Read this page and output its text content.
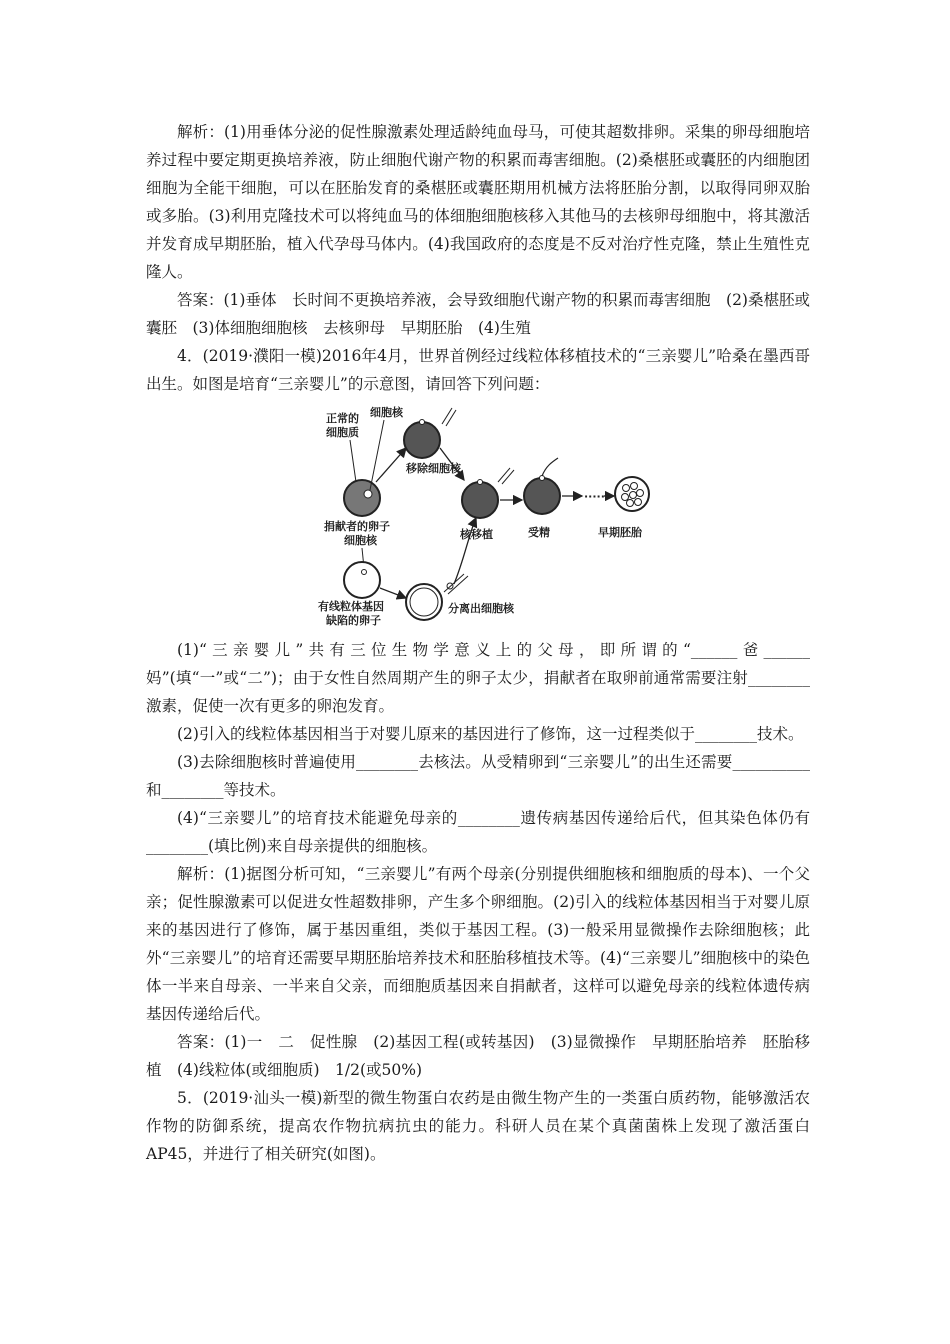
解析：(1)用垂体分泌的促性腺激素处理适龄纯血母马，可使其超数排卵。采集的卵母细胞培养过程中要定期更换培养液，防止细胞代谢产物的积累而毒害细胞。(2)桑椹胚或囊胚的内细胞团细胞为全能干细胞，可以在胚胎发育的桑椹胚或囊胚期用机械方法将胚胎分割，以取得同卵双胎或多胎。(3)利用克隆技术可以将纯血马的体细胞细胞核移入其他马的去核卵母细胞中，将其激活并发育成早期胚胎，植入代孕母马体内。(4)我国政府的态度是不反对治疗性克隆，禁止生殖性克隆人。

答案：(1)垂体　长时间不更换培养液，会导致细胞代谢产物的积累而毒害细胞　(2)桑椹胚或囊胚　(3)体细胞细胞核　去核卵母　早期胚胎　(4)生殖

4．(2019·濮阳一模)2016年4月，世界首例经过线粒体移植技术的“三亲婴儿”哈桑在墨西哥出生。如图是培育“三亲婴儿”的示意图，请回答下列问题：

正常的
细胞质
细胞核
捐献者的卵子
移除细胞核
核移植	受精
······
早期胚胎
细胞核
有线粒体基因
缺陷的卵子
分离出细胞核

(1)“三亲婴儿”共有三位生物学意义上的父母，即所谓的“______爸______妈”(填“一”或“二”)；由于女性自然周期产生的卵子太少，捐献者在取卵前通常需要注射________激素，促使一次有更多的卵泡发育。

(2)引入的线粒体基因相当于对婴儿原来的基因进行了修饰，这一过程类似于________技术。

(3)去除细胞核时普遍使用________去核法。从受精卵到“三亲婴儿”的出生还需要__________和________等技术。

(4)“三亲婴儿”的培育技术能避免母亲的________遗传病基因传递给后代，但其染色体仍有________(填比例)来自母亲提供的细胞核。

解析：(1)据图分析可知，“三亲婴儿”有两个母亲(分别提供细胞核和细胞质的母本)、一个父亲；促性腺激素可以促进女性超数排卵，产生多个卵细胞。(2)引入的线粒体基因相当于对婴儿原来的基因进行了修饰，属于基因重组，类似于基因工程。(3)一般采用显微操作去除细胞核；此外“三亲婴儿”的培育还需要早期胚胎培养技术和胚胎移植技术等。(4)“三亲婴儿”细胞核中的染色体一半来自母亲、一半来自父亲，而细胞质基因来自捐献者，这样可以避免母亲的线粒体遗传病基因传递给后代。

答案：(1)一　二　促性腺　(2)基因工程(或转基因)　(3)显微操作　早期胚胎培养　胚胎移植　(4)线粒体(或细胞质)　1/2(或50%)

5．(2019·汕头一模)新型的微生物蛋白农药是由微生物产生的一类蛋白质药物，能够激活农作物的防御系统，提高农作物抗病抗虫的能力。科研人员在某个真菌菌株上发现了激活蛋白AP45，并进行了相关研究(如图)。
